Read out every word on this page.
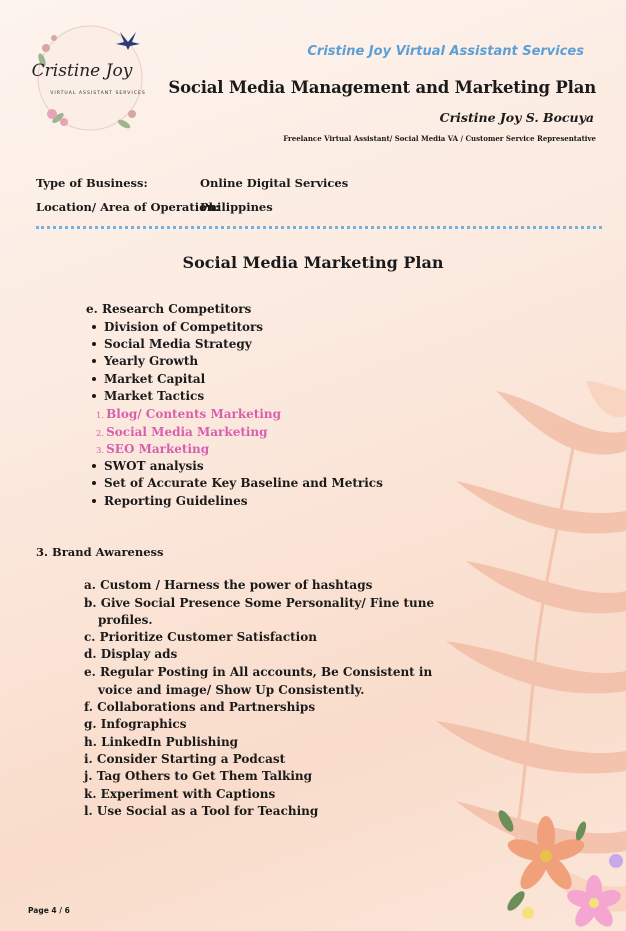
Cristine Joy
VIRTUAL ASSISTANT SERVICES
Cristine Joy Virtual Assistant Services
Social Media Management and Marketing Plan
Cristine Joy S. Bocuya
Freelance Virtual Assistant/ Social Media VA / Customer Service Representative
Type of Business:	Online Digital Services
Location/ Area of Operation:
Philippines
Social Media Marketing Plan
e. Research Competitors
Division of Competitors
Social Media Strategy
Yearly Growth
Market Capital
Market Tactics
1. Blog/ Contents Marketing
2. Social Media Marketing
3. SEO Marketing
SWOT analysis
Set of Accurate Key Baseline and Metrics
Reporting Guidelines
3. Brand Awareness
a. Custom / Harness the power of hashtags
b. Give Social Presence Some Personality/ Fine tune
profiles.
c. Prioritize Customer Satisfaction
d. Display ads
e. Regular Posting in All accounts, Be Consistent in
voice and image/ Show Up Consistently.
f. Collaborations and Partnerships
g. Infographics
h. LinkedIn Publishing
i. Consider Starting a Podcast
j. Tag Others to Get Them Talking
k. Experiment with Captions
l. Use Social as a Tool for Teaching
Page 4 / 6
